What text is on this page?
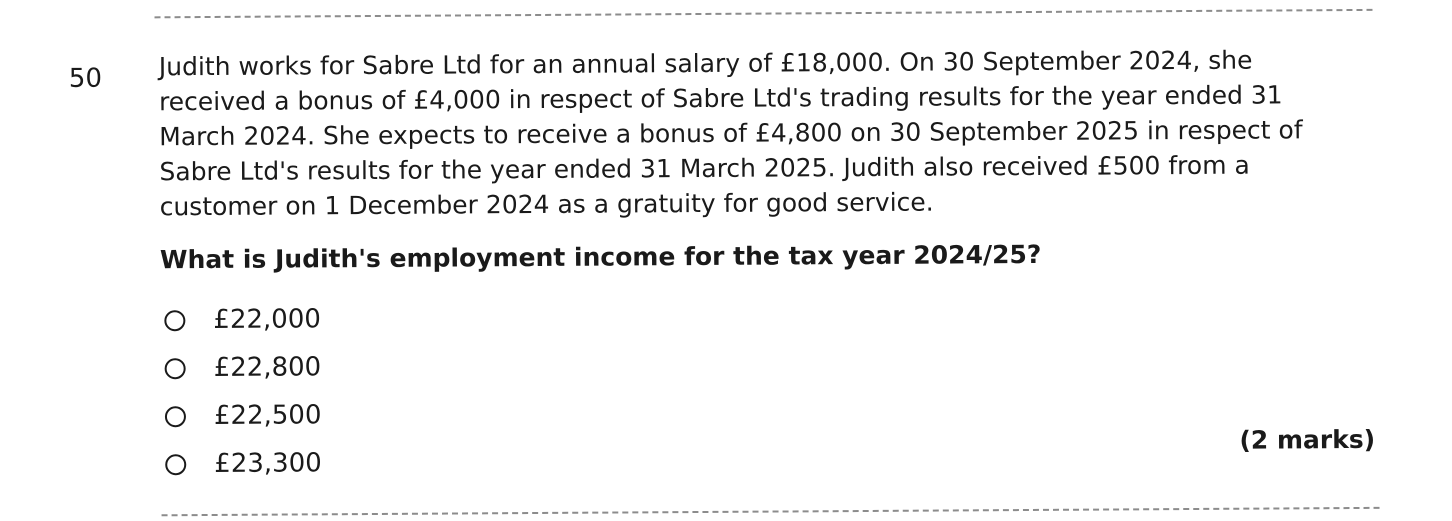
50 Judith works for Sabre Ltd for an annual salary of £18,000. On 30 September 2024, she

received a bonus of £4,000 in respect of Sabre Ltd's trading results for the year ended 31

March 2024. She expects to receive a bonus of £4,800 on 30 September 2025 in respect of

Sabre Ltd's results for the year ended 31 March 2025. Judith also received £500 from a

customer on 1 December 2024 as a gratuity for good service.

What is Judith's employment income for the tax year 2024/25?
£22,000
£22,800
£22,500
£23,300
(2 marks)
